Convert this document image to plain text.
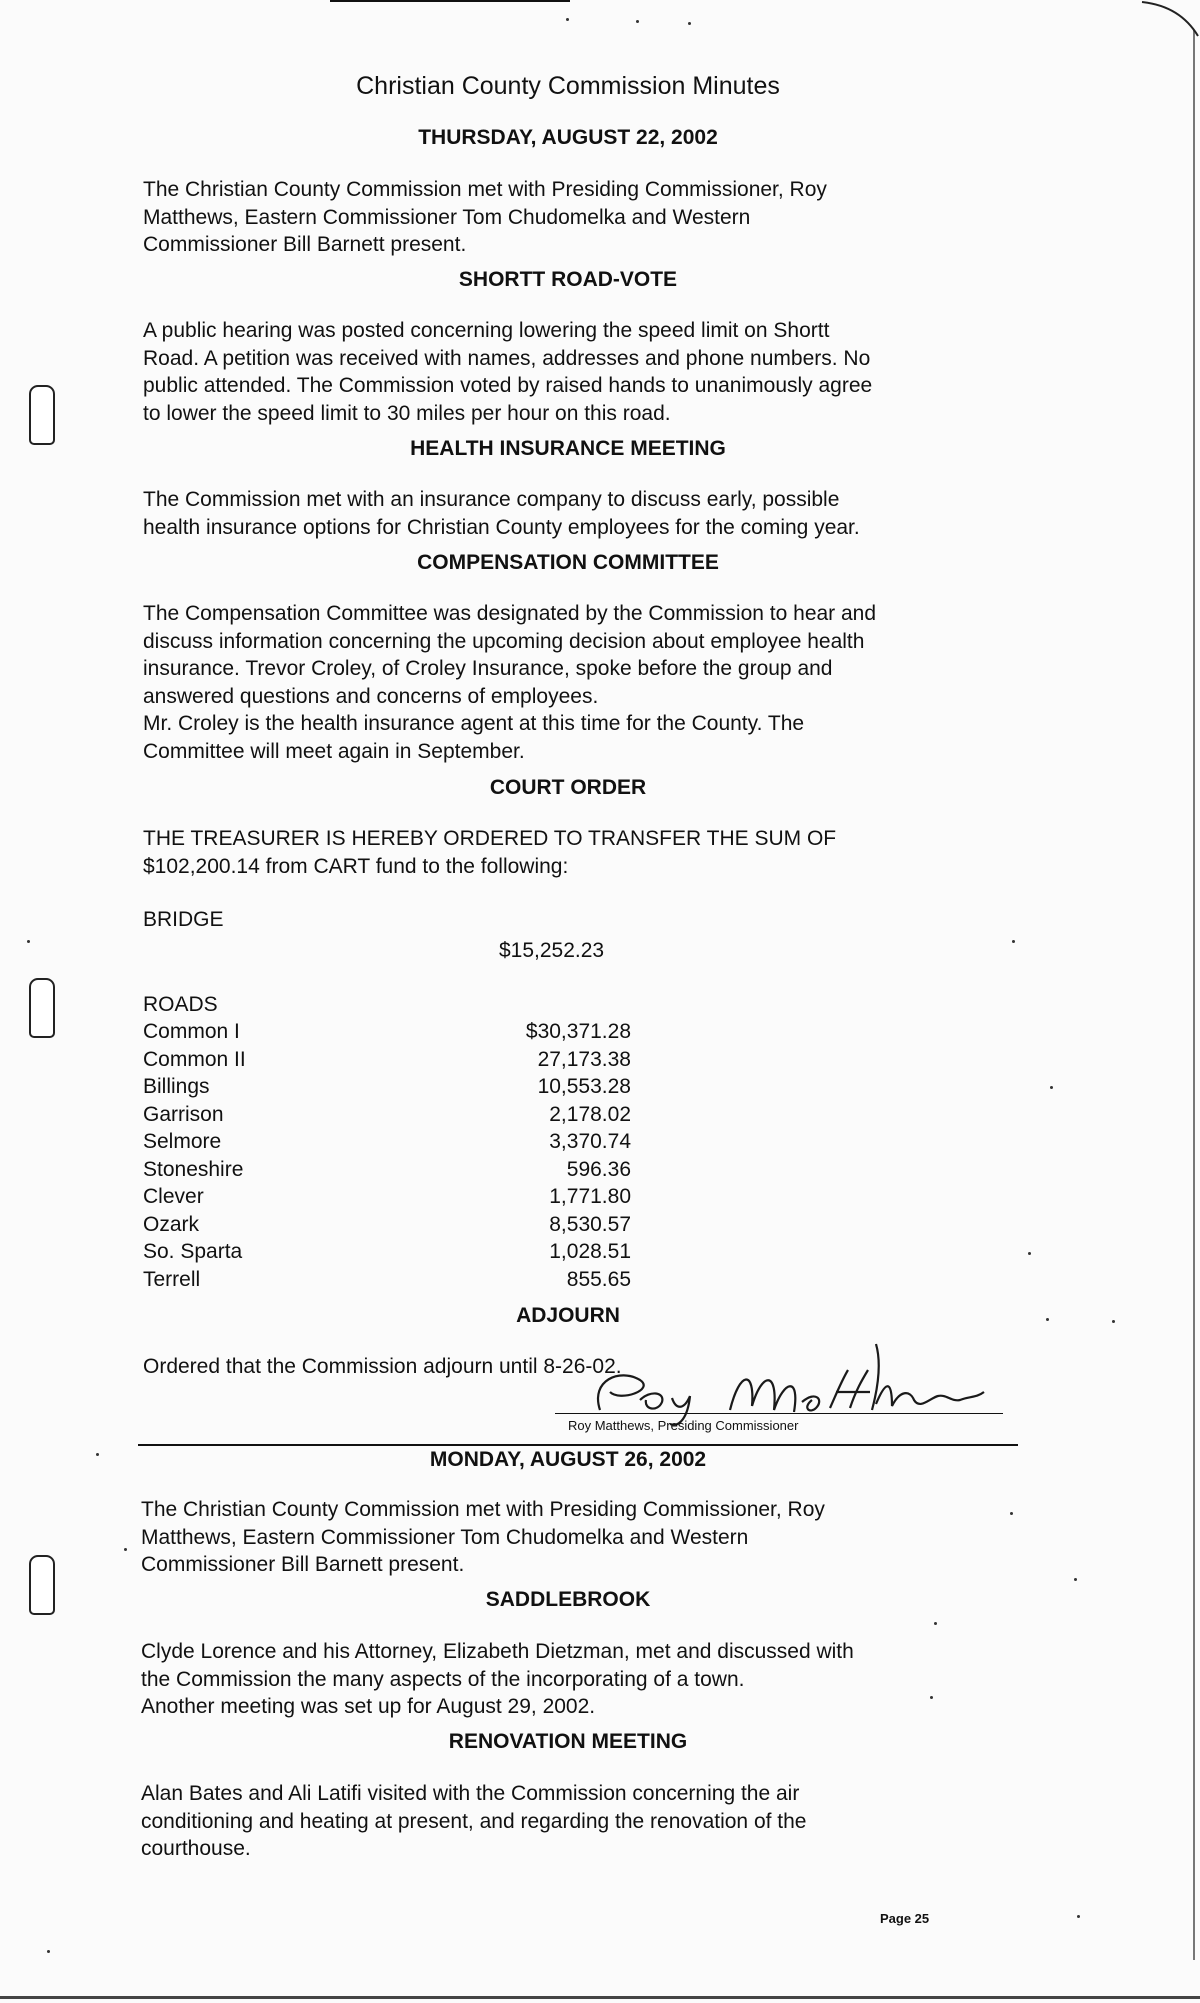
Christian County Commission Minutes
THURSDAY, AUGUST 22, 2002
The Christian County Commission met with Presiding Commissioner, Roy
Matthews, Eastern Commissioner Tom Chudomelka and Western
Commissioner Bill Barnett present.
SHORTT ROAD-VOTE
A public hearing was posted concerning lowering the speed limit on Shortt
Road. A petition was received with names, addresses and phone numbers. No
public attended. The Commission voted by raised hands to unanimously agree
to lower the speed limit to 30 miles per hour on this road.
HEALTH INSURANCE MEETING
The Commission met with an insurance company to discuss early, possible
health insurance options for Christian County employees for the coming year.
COMPENSATION COMMITTEE
The Compensation Committee was designated by the Commission to hear and
discuss information concerning the upcoming decision about employee health
insurance. Trevor Croley, of Croley Insurance, spoke before the group and
answered questions and concerns of employees.
Mr. Croley is the health insurance agent at this time for the County. The
Committee will meet again in September.
COURT ORDER
THE TREASURER IS HEREBY ORDERED TO TRANSFER THE SUM OF
$102,200.14 from CART fund to the following:
BRIDGE
$15,252.23
ROADS
Common I
Common II
Billings
Garrison
Selmore
Stoneshire
Clever
Ozark
So. Sparta
Terrell
$30,371.28
27,173.38
10,553.28
2,178.02
3,370.74
596.36
1,771.80
8,530.57
1,028.51
855.65
ADJOURN
Ordered that the Commission adjourn until 8-26-02.
Roy Matthews, Presiding Commissioner
MONDAY, AUGUST 26, 2002
The Christian County Commission met with Presiding Commissioner, Roy
Matthews, Eastern Commissioner Tom Chudomelka and Western
Commissioner Bill Barnett present.
SADDLEBROOK
Clyde Lorence and his Attorney, Elizabeth Dietzman, met and discussed with
the Commission the many aspects of the incorporating of a town.
Another meeting was set up for August 29, 2002.
RENOVATION MEETING
Alan Bates and Ali Latifi visited with the Commission concerning the air
conditioning and heating at present, and regarding the renovation of the
courthouse.
Page 25
